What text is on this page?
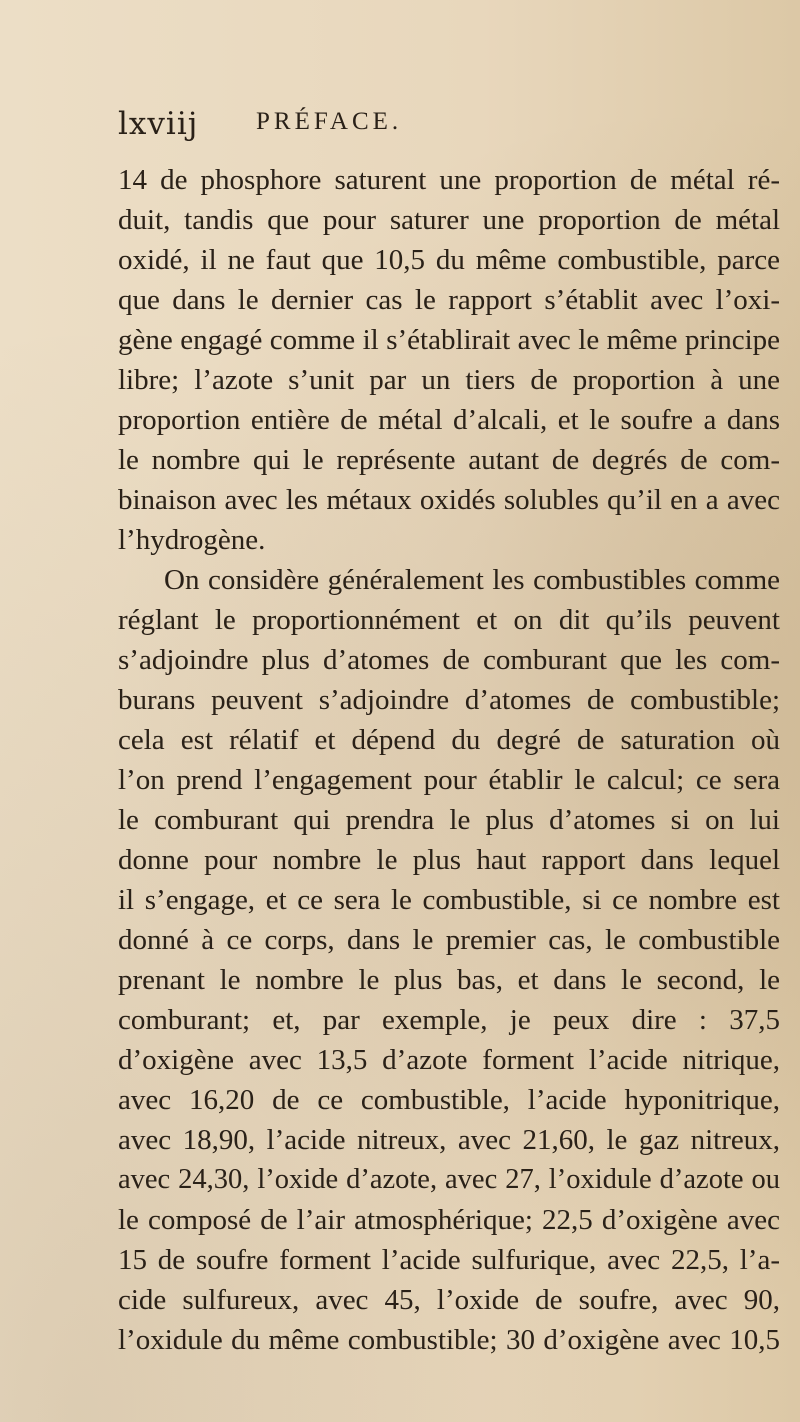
lxviij PRÉFACE.
14 de phosphore saturent une proportion de métal ré-
duit, tandis que pour saturer une proportion de métal
oxidé, il ne faut que 10,5 du même combustible, parce
que dans le dernier cas le rapport s’établit avec l’oxi-
gène engagé comme il s’établirait avec le même principe
libre; l’azote s’unit par un tiers de proportion à une
proportion entière de métal d’alcali, et le soufre a dans
le nombre qui le représente autant de degrés de com-
binaison avec les métaux oxidés solubles qu’il en a avec
l’hydrogène.
On considère généralement les combustibles comme
réglant le proportionnément et on dit qu’ils peuvent
s’adjoindre plus d’atomes de comburant que les com-
burans peuvent s’adjoindre d’atomes de combustible;
cela est rélatif et dépend du degré de saturation où
l’on prend l’engagement pour établir le calcul; ce sera
le comburant qui prendra le plus d’atomes si on lui
donne pour nombre le plus haut rapport dans lequel
il s’engage, et ce sera le combustible, si ce nombre est
donné à ce corps, dans le premier cas, le combustible
prenant le nombre le plus bas, et dans le second, le
comburant; et, par exemple, je peux dire : 37,5
d’oxigène avec 13,5 d’azote forment l’acide nitrique,
avec 16,20 de ce combustible, l’acide hyponitrique,
avec 18,90, l’acide nitreux, avec 21,60, le gaz nitreux,
avec 24,30, l’oxide d’azote, avec 27, l’oxidule d’azote ou
le composé de l’air atmosphérique; 22,5 d’oxigène avec
15 de soufre forment l’acide sulfurique, avec 22,5, l’a-
cide sulfureux, avec 45, l’oxide de soufre, avec 90,
l’oxidule du même combustible; 30 d’oxigène avec 10,5
